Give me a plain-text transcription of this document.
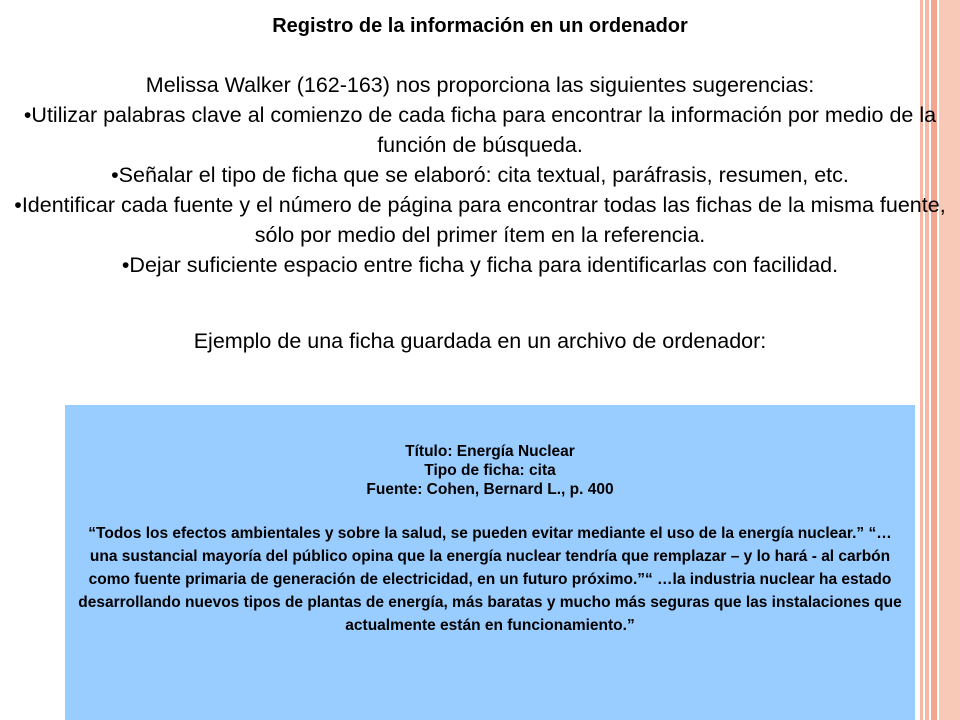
Registro de la información en un ordenador

Melissa Walker (162-163) nos proporciona las siguientes sugerencias:

•Utilizar palabras clave al comienzo de cada ficha para encontrar la información por medio de la función de búsqueda.

•Señalar el tipo de ficha que se elaboró: cita textual, paráfrasis, resumen, etc.

•Identificar cada fuente y el número de página para encontrar todas las fichas de la misma fuente, sólo por medio del primer ítem en la referencia.

•Dejar suficiente espacio entre ficha y ficha para identificarlas con facilidad.

Ejemplo de una ficha guardada en un archivo de ordenador:

Título: Energía Nuclear

Tipo de ficha: cita

Fuente: Cohen, Bernard L., p. 400

“Todos los efectos ambientales y sobre la salud, se pueden evitar mediante el uso de la energía nuclear.” “…una sustancial mayoría del público opina que la energía nuclear tendría que remplazar – y lo hará - al carbón como fuente primaria de generación de electricidad, en un futuro próximo.”“ …la industria nuclear ha estado desarrollando nuevos tipos de plantas de energía, más baratas y mucho más seguras que las instalaciones que actualmente están en funcionamiento.”
